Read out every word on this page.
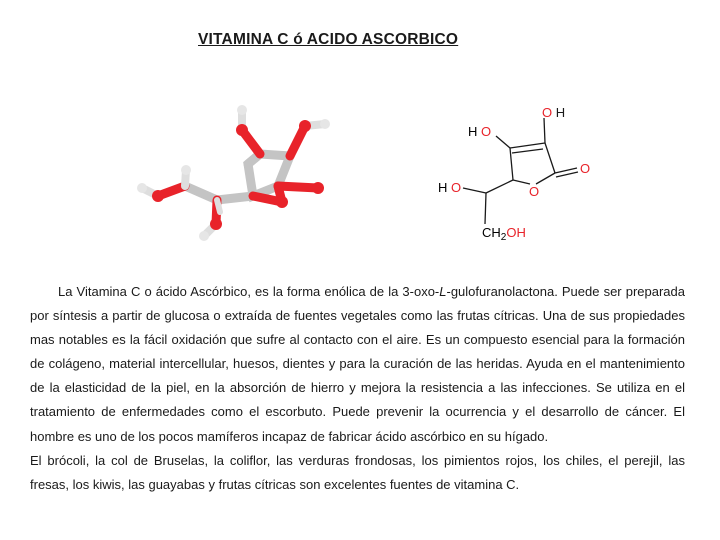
VITAMINA C ó ACIDO ASCORBICO
O H
H O
O
O
H O
$CH_2OH$

La Vitamina C o ácido Ascórbico, es la forma enólica de la 3-oxo-L-gulofuranolactona. Puede ser preparada por síntesis a partir de glucosa o extraída de fuentes vegetales como las frutas cítricas. Una de sus propiedades mas notables es la fácil oxidación que sufre al contacto con el aire. Es un compuesto esencial para la formación de colágeno, material intercellular, huesos, dientes y para la curación de las heridas. Ayuda en el mantenimiento de la elasticidad de la piel, en la absorción de hierro y mejora la resistencia a las infecciones. Se utiliza en el tratamiento de enfermedades como el escorbuto. Puede prevenir la ocurrencia y el desarrollo de cáncer. El hombre es uno de los pocos mamíferos incapaz de fabricar ácido ascórbico en su hígado.

El brócoli, la col de Bruselas, la coliflor, las verduras frondosas, los pimientos rojos, los chiles, el perejil, las fresas, los kiwis, las guayabas y frutas cítricas son excelentes fuentes de vitamina C.
